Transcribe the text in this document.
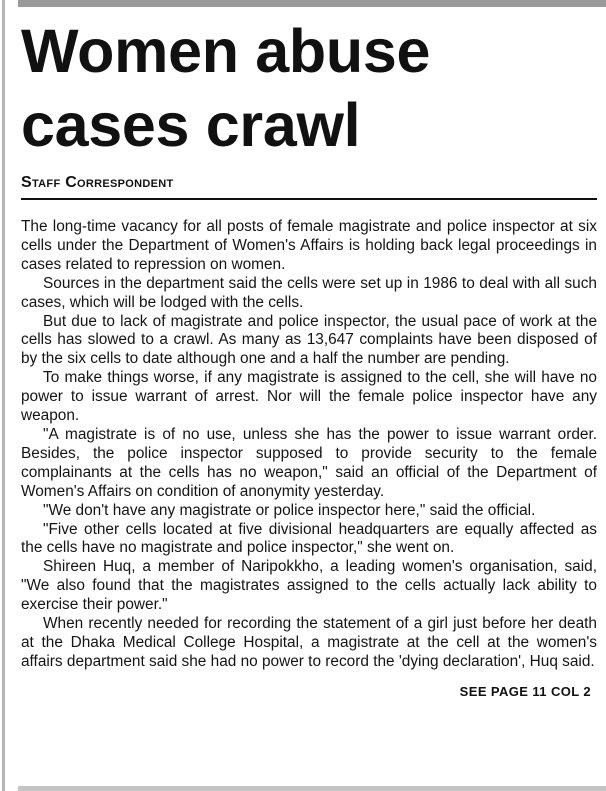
Women abuse cases crawl
Staff Correspondent

The long-time vacancy for all posts of female magistrate and police inspector at six cells under the Department of Women's Affairs is holding back legal proceedings in cases related to repression on women.

Sources in the department said the cells were set up in 1986 to deal with all such cases, which will be lodged with the cells.

But due to lack of magistrate and police inspector, the usual pace of work at the cells has slowed to a crawl. As many as 13,647 complaints have been disposed of by the six cells to date although one and a half the number are pending.

To make things worse, if any magistrate is assigned to the cell, she will have no power to issue warrant of arrest. Nor will the female police inspector have any weapon.

"A magistrate is of no use, unless she has the power to issue warrant order. Besides, the police inspector supposed to provide security to the female complainants at the cells has no weapon," said an official of the Department of Women's Affairs on condition of anonymity yesterday.

"We don't have any magistrate or police inspector here," said the official.

"Five other cells located at five divisional headquarters are equally affected as the cells have no magistrate and police inspector," she went on.

Shireen Huq, a member of Naripokkho, a leading women's organisation, said, "We also found that the magistrates assigned to the cells actually lack ability to exercise their power."

When recently needed for recording the statement of a girl just before her death at the Dhaka Medical College Hospital, a magistrate at the cell at the women's affairs department said she had no power to record the 'dying declaration', Huq said.

SEE PAGE 11 COL 2
